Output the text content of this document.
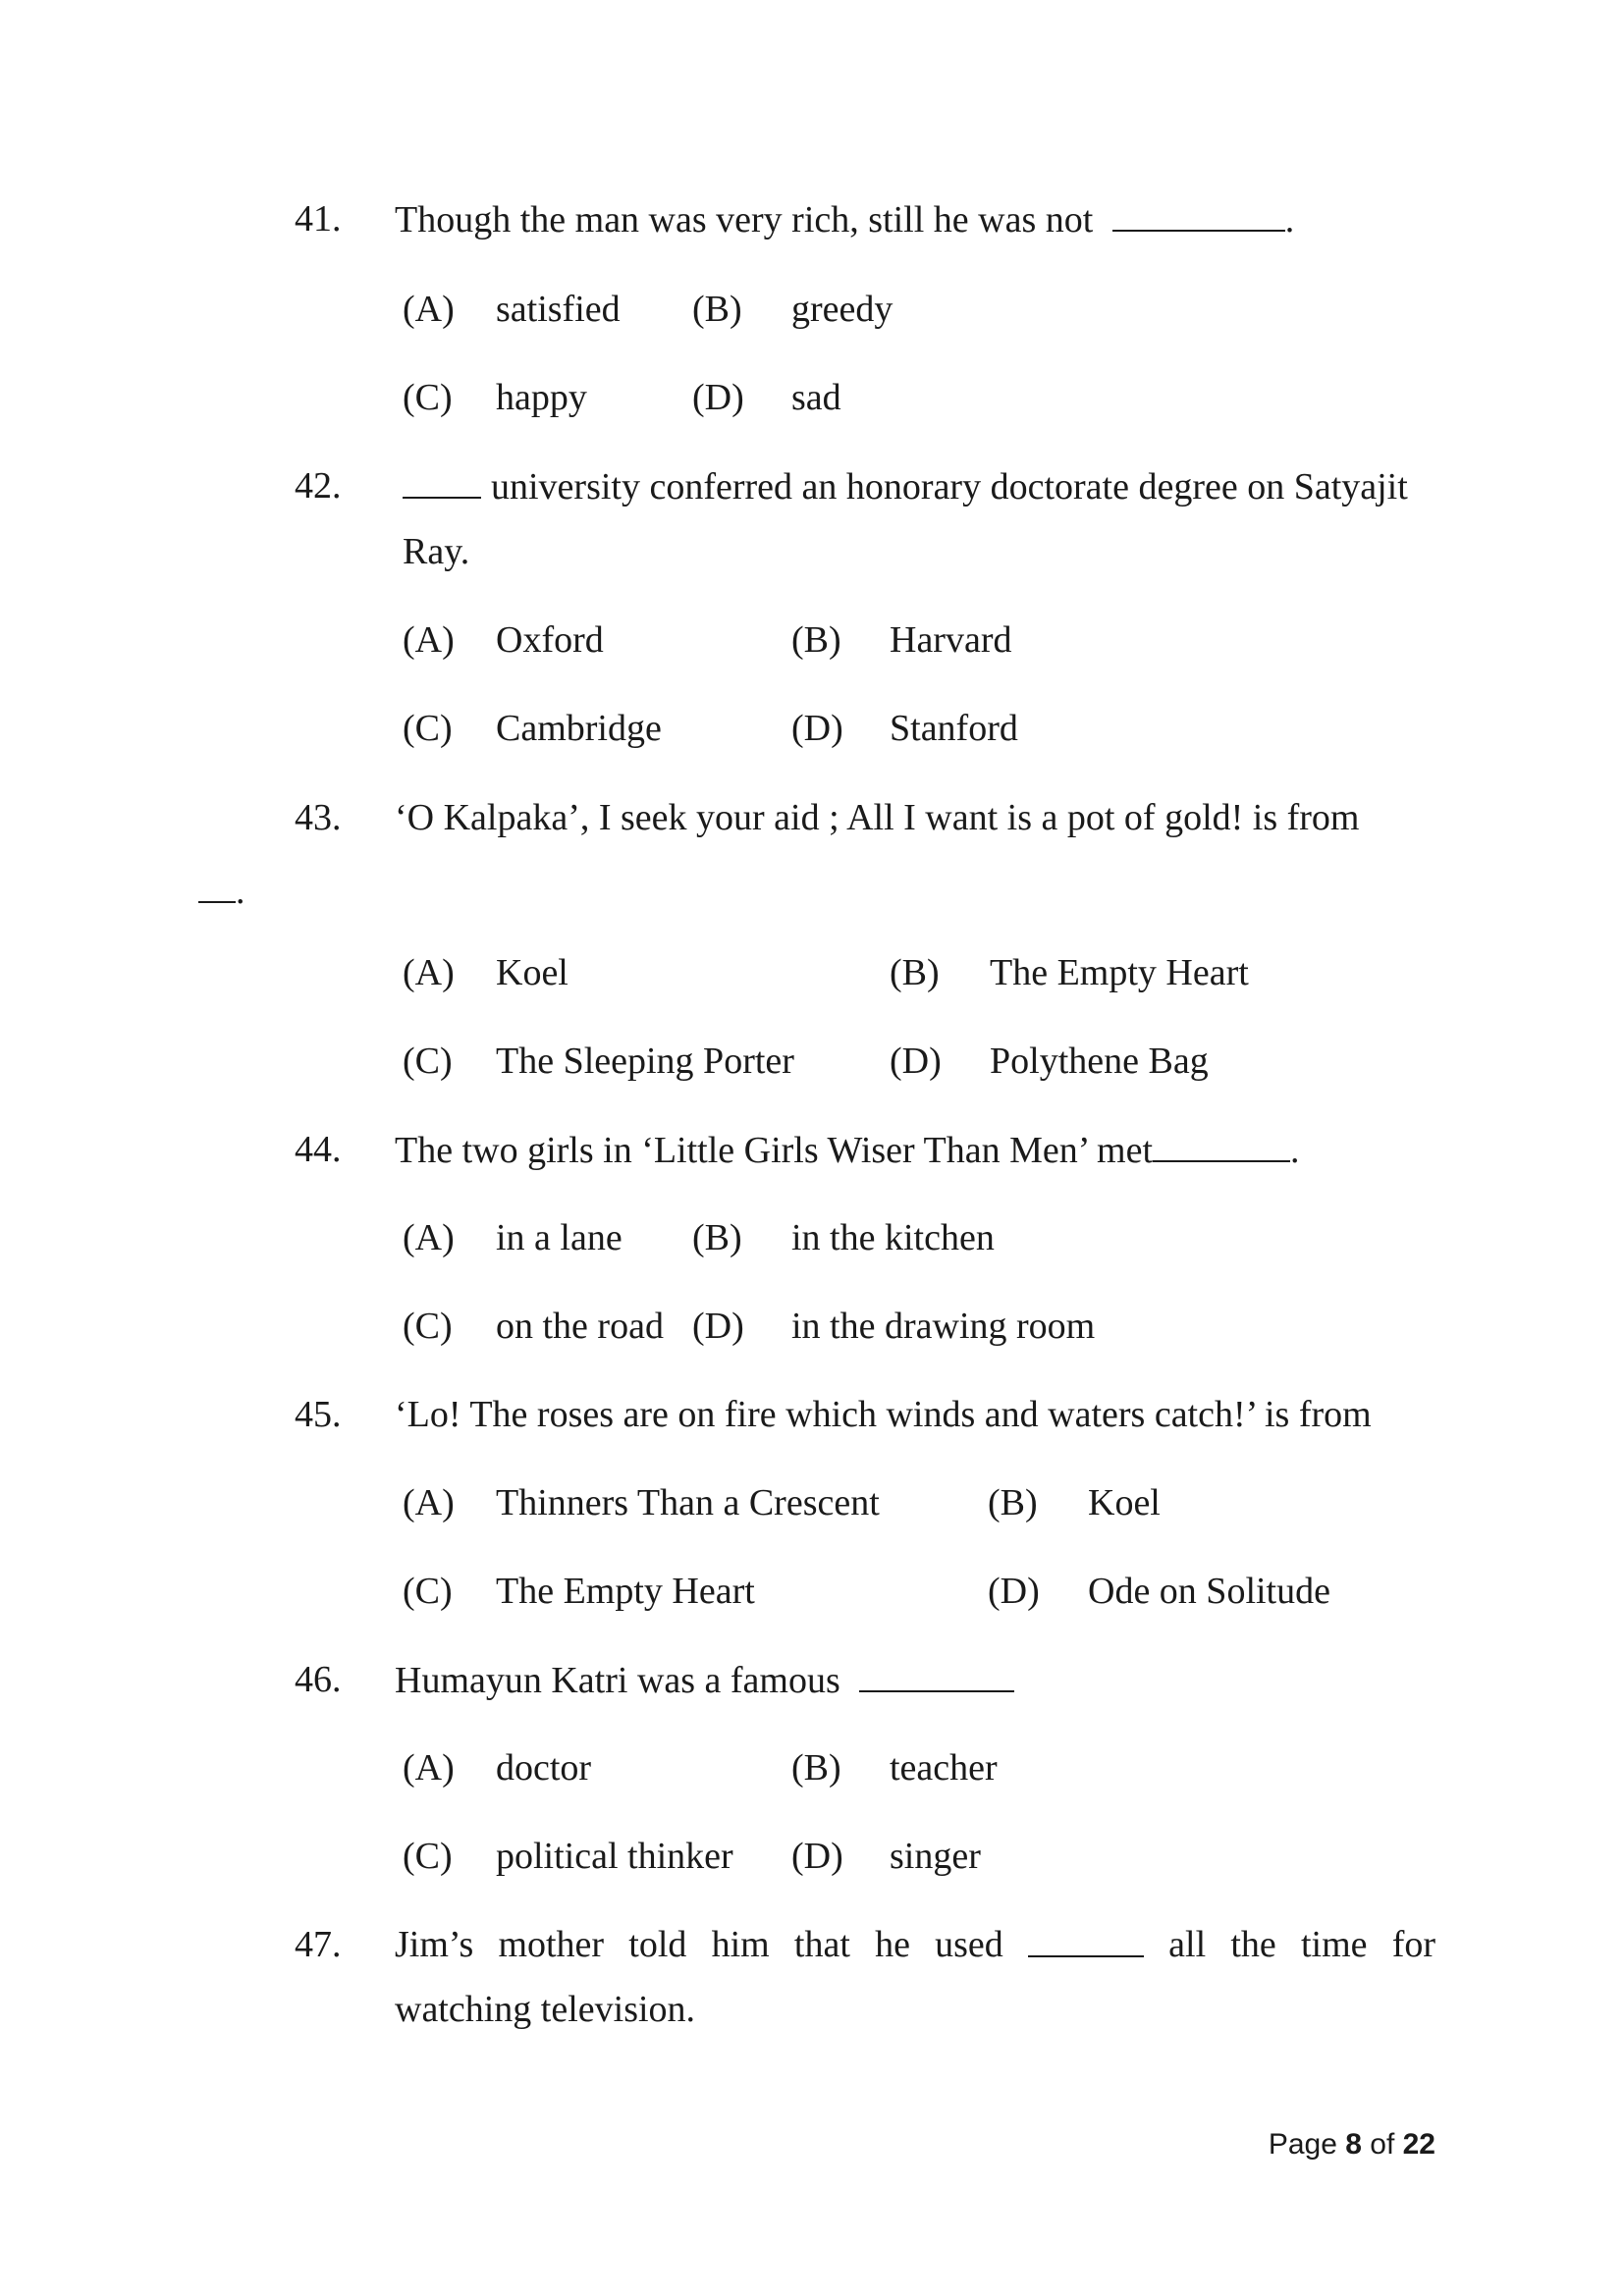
41. Though the man was very rich, still he was not	.
(A) satisfied (B) greedy
(C) happy	(D) sad
42.	university conferred an honorary doctorate degree on Satyajit
Ray.
(A) Oxford	(B) Harvard
(C) Cambridge	(D) Stanford
43. ‘O Kalpaka’, I seek your aid ; All I want is a pot of gold! is from
.
(A) Koel	(B) The Empty Heart
(C) The Sleeping Porter	(D) Polythene Bag
44. The two girls in ‘Little Girls Wiser Than Men’ met	.
(A) in a lane (B) in the kitchen
(C) on the road (D) in the drawing room
45. ‘Lo! The roses are on fire which winds and waters catch!’ is from
(A) Thinners Than a Crescent	(B) Koel
(C) The Empty Heart	(D) Ode on Solitude
46. Humayun Katri was a famous
(A) doctor	(B) teacher
(C) political thinker (D) singer
47. Jim’s mother told him that he used	all the time for
watching television.
Page 8 of 22
